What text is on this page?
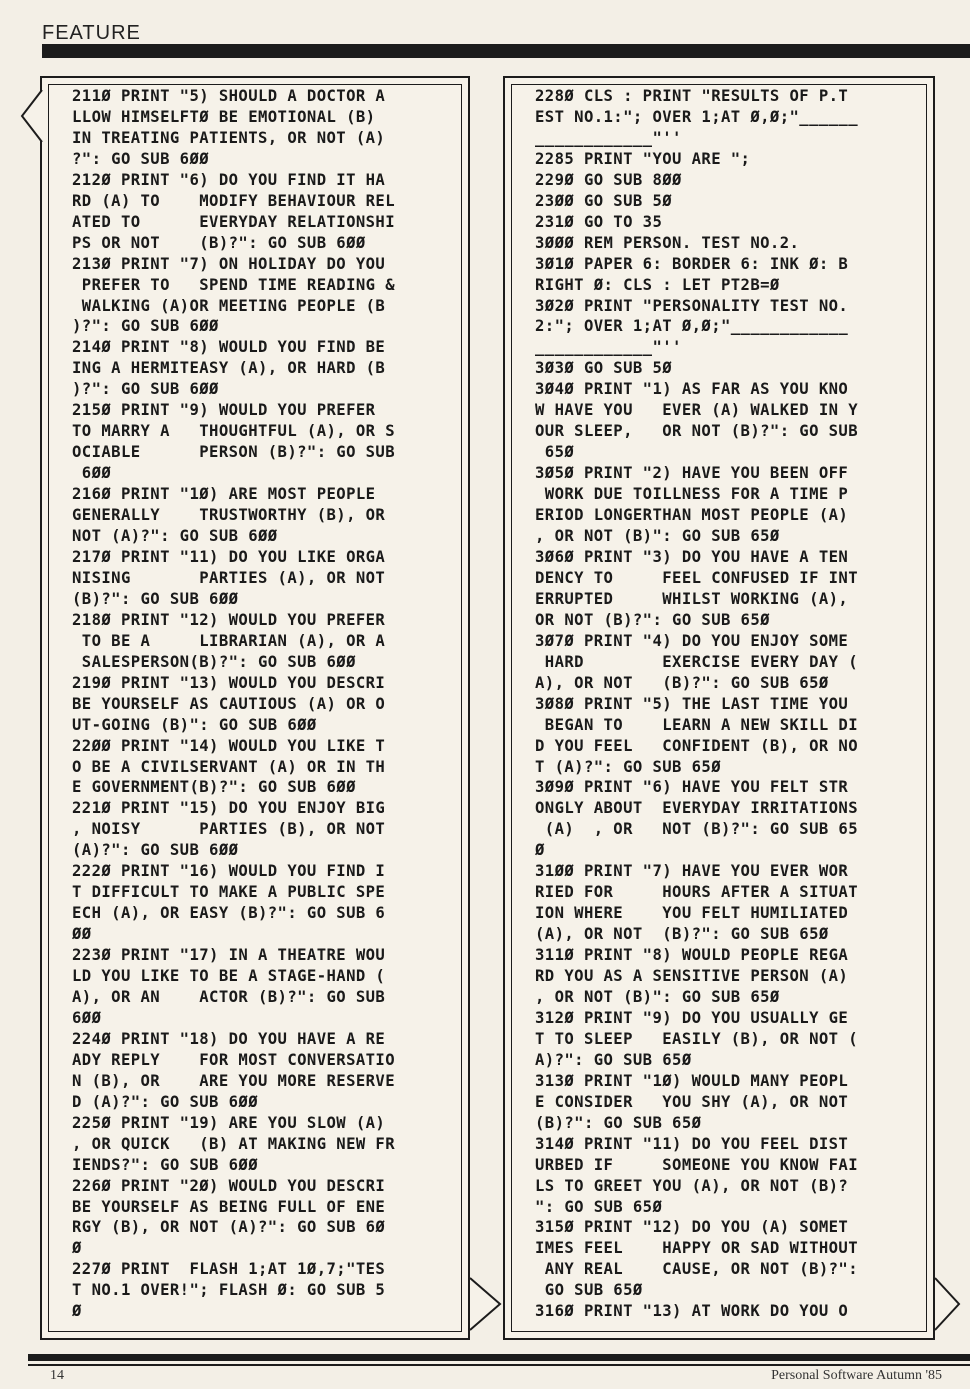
FEATURE
211Ø PRINT "5) SHOULD A DOCTOR A
LLOW HIMSELFTØ BE EMOTIONAL (B)
IN TREATING PATIENTS, OR NOT (A)
?": GO SUB 6ØØ
212Ø PRINT "6) DO YOU FIND IT HA
RD (A) TO    MODIFY BEHAVIOUR REL
ATED TO      EVERYDAY RELATIONSHI
PS OR NOT    (B)?": GO SUB 6ØØ
213Ø PRINT "7) ON HOLIDAY DO YOU
PREFER TO   SPEND TIME READING &
WALKING (A)OR MEETING PEOPLE (B
)?": GO SUB 6ØØ
214Ø PRINT "8) WOULD YOU FIND BE
ING A HERMITEASY (A), OR HARD (B
)?": GO SUB 6ØØ
215Ø PRINT "9) WOULD YOU PREFER
TO MARRY A   THOUGHTFUL (A), OR S
OCIABLE      PERSON (B)?": GO SUB
6ØØ
216Ø PRINT "1Ø) ARE MOST PEOPLE
GENERALLY    TRUSTWORTHY (B), OR
NOT (A)?": GO SUB 6ØØ
217Ø PRINT "11) DO YOU LIKE ORGA
NISING       PARTIES (A), OR NOT
(B)?": GO SUB 6ØØ
218Ø PRINT "12) WOULD YOU PREFER
TO BE A     LIBRARIAN (A), OR A
SALESPERSON(B)?": GO SUB 6ØØ
219Ø PRINT "13) WOULD YOU DESCRI
BE YOURSELF AS CAUTIOUS (A) OR O
UT-GOING (B)": GO SUB 6ØØ
22ØØ PRINT "14) WOULD YOU LIKE T
O BE A CIVILSERVANT (A) OR IN TH
E GOVERNMENT(B)?": GO SUB 6ØØ
221Ø PRINT "15) DO YOU ENJOY BIG
, NOISY      PARTIES (B), OR NOT
(A)?": GO SUB 6ØØ
222Ø PRINT "16) WOULD YOU FIND I
T DIFFICULT TO MAKE A PUBLIC SPE
ECH (A), OR EASY (B)?": GO SUB 6
ØØ
223Ø PRINT "17) IN A THEATRE WOU
LD YOU LIKE TO BE A STAGE-HAND (
A), OR AN    ACTOR (B)?": GO SUB
6ØØ
224Ø PRINT "18) DO YOU HAVE A RE
ADY REPLY    FOR MOST CONVERSATIO
N (B), OR    ARE YOU MORE RESERVE
D (A)?": GO SUB 6ØØ
225Ø PRINT "19) ARE YOU SLOW (A)
, OR QUICK   (B) AT MAKING NEW FR
IENDS?": GO SUB 6ØØ
226Ø PRINT "2Ø) WOULD YOU DESCRI
BE YOURSELF AS BEING FULL OF ENE
RGY (B), OR NOT (A)?": GO SUB 6Ø
Ø
227Ø PRINT  FLASH 1;AT 1Ø,7;"TES
T NO.1 OVER!"; FLASH Ø: GO SUB 5
Ø
228Ø CLS : PRINT "RESULTS OF P.T
EST NO.1:"; OVER 1;AT Ø,Ø;"______
____________"''
2285 PRINT "YOU ARE ";
229Ø GO SUB 8ØØ
23ØØ GO SUB 5Ø
231Ø GO TO 35
3ØØØ REM PERSON. TEST NO.2.
3Ø1Ø PAPER 6: BORDER 6: INK Ø: B
RIGHT Ø: CLS : LET PT2B=Ø
3Ø2Ø PRINT "PERSONALITY TEST NO.
2:"; OVER 1;AT Ø,Ø;"____________
____________"''
3Ø3Ø GO SUB 5Ø
3Ø4Ø PRINT "1) AS FAR AS YOU KNO
W HAVE YOU   EVER (A) WALKED IN Y
OUR SLEEP,   OR NOT (B)?": GO SUB
65Ø
3Ø5Ø PRINT "2) HAVE YOU BEEN OFF
WORK DUE TOILLNESS FOR A TIME P
ERIOD LONGERTHAN MOST PEOPLE (A)
, OR NOT (B)": GO SUB 65Ø
3Ø6Ø PRINT "3) DO YOU HAVE A TEN
DENCY TO     FEEL CONFUSED IF INT
ERRUPTED     WHILST WORKING (A),
OR NOT (B)?": GO SUB 65Ø
3Ø7Ø PRINT "4) DO YOU ENJOY SOME
HARD        EXERCISE EVERY DAY (
A), OR NOT   (B)?": GO SUB 65Ø
3Ø8Ø PRINT "5) THE LAST TIME YOU
BEGAN TO    LEARN A NEW SKILL DI
D YOU FEEL   CONFIDENT (B), OR NO
T (A)?": GO SUB 65Ø
3Ø9Ø PRINT "6) HAVE YOU FELT STR
ONGLY ABOUT  EVERYDAY IRRITATIONS
(A)  , OR   NOT (B)?": GO SUB 65
Ø
31ØØ PRINT "7) HAVE YOU EVER WOR
RIED FOR     HOURS AFTER A SITUAT
ION WHERE    YOU FELT HUMILIATED
(A), OR NOT  (B)?": GO SUB 65Ø
311Ø PRINT "8) WOULD PEOPLE REGA
RD YOU AS A SENSITIVE PERSON (A)
, OR NOT (B)": GO SUB 65Ø
312Ø PRINT "9) DO YOU USUALLY GE
T TO SLEEP   EASILY (B), OR NOT (
A)?": GO SUB 65Ø
313Ø PRINT "1Ø) WOULD MANY PEOPL
E CONSIDER   YOU SHY (A), OR NOT
(B)?": GO SUB 65Ø
314Ø PRINT "11) DO YOU FEEL DIST
URBED IF     SOMEONE YOU KNOW FAI
LS TO GREET YOU (A), OR NOT (B)?
": GO SUB 65Ø
315Ø PRINT "12) DO YOU (A) SOMET
IMES FEEL    HAPPY OR SAD WITHOUT
ANY REAL    CAUSE, OR NOT (B)?":
GO SUB 65Ø
316Ø PRINT "13) AT WORK DO YOU O
14	Personal Software Autumn '85
